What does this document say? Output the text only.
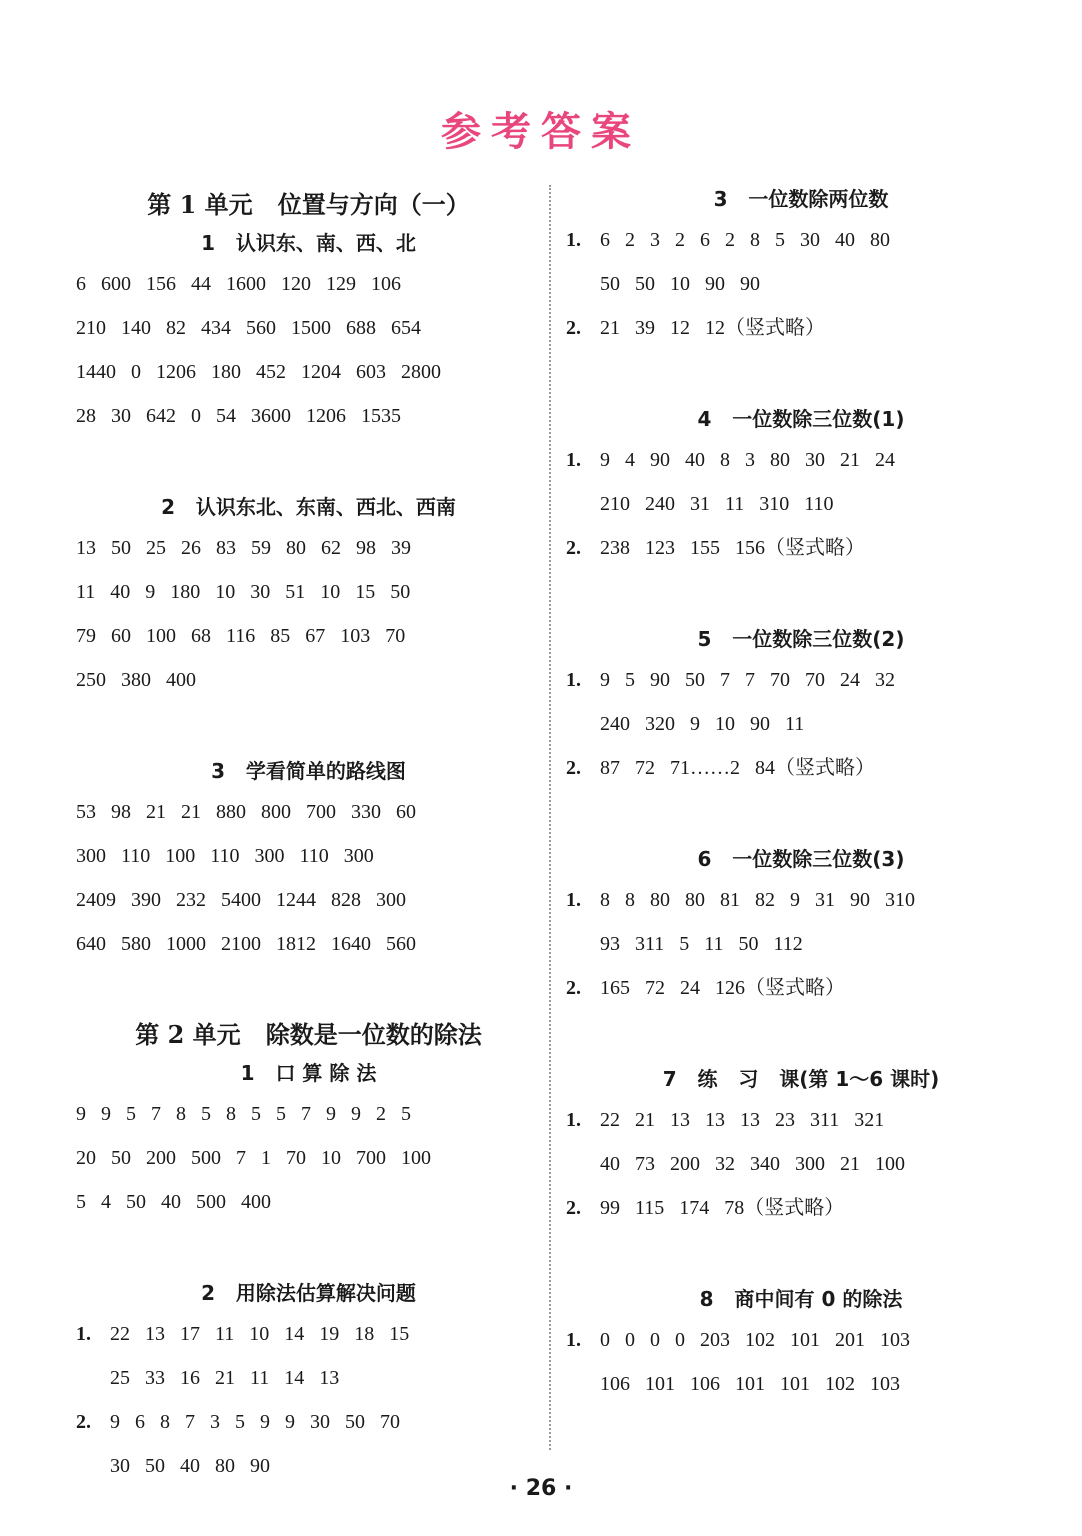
参考答案
第 1 单元   位置与方向（一）
1   认识东、南、西、北
6   600   156   44   1600   120   129   106
210   140   82   434   560   1500   688   654
1440   0   1206   180   452   1204   603   2800
28   30   642   0   54   3600   1206   1535
2   认识东北、东南、西北、西南
13   50   25   26   83   59   80   62   98   39
11   40   9   180   10   30   51   10   15   50
79   60   100   68   116   85   67   103   70
250   380   400
3   学看简单的路线图
53   98   21   21   880   800   700   330   60
300   110   100   110   300   110   300
2409   390   232   5400   1244   828   300
640   580   1000   2100   1812   1640   560
第 2 单元   除数是一位数的除法
1   口 算 除 法
9   9   5   7   8   5   8   5   5   7   9   9   2   5
20   50   200   500   7   1   70   10   700   100
5   4   50   40   500   400
2   用除法估算解决问题
1. 22   13   17   11   10   14   19   18   15
25   33   16   21   11   14   13
2. 9   6   8   7   3   5   9   9   30   50   70
30   50   40   80   90
3   一位数除两位数
1. 6   2   3   2   6   2   8   5   30   40   80
50   50   10   90   90
2. 21   39   12   12（竖式略）
4   一位数除三位数(1)
1. 9   4   90   40   8   3   80   30   21   24
210   240   31   11   310   110
2. 238   123   155   156（竖式略）
5   一位数除三位数(2)
1. 9   5   90   50   7   7   70   70   24   32
240   320   9   10   90   11
2. 87   72   71……2   84（竖式略）
6   一位数除三位数(3)
1. 8   8   80   80   81   82   9   31   90   310
93   311   5   11   50   112
2. 165   72   24   126（竖式略）
7   练   习   课(第 1～6 课时)
1. 22   21   13   13   13   23   311   321
40   73   200   32   340   300   21   100
2. 99   115   174   78（竖式略）
8   商中间有 0 的除法
1. 0   0   0   0   203   102   101   201   103
106   101   106   101   101   102   103
· 26 ·
